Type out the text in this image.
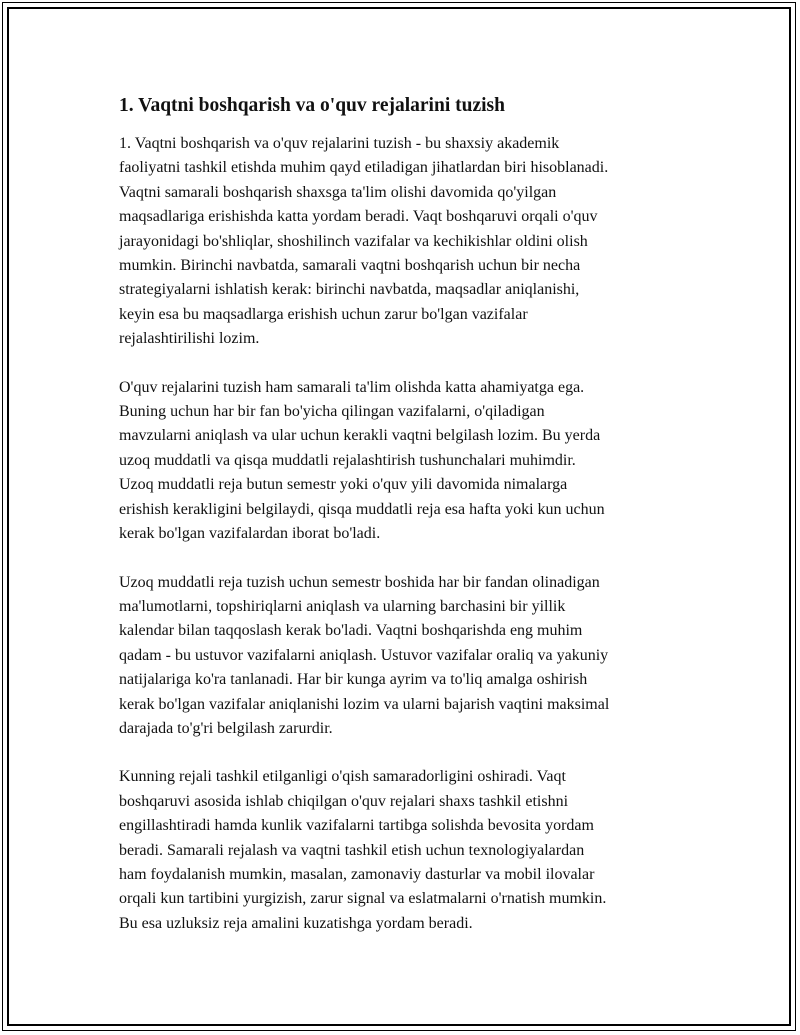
1. Vaqtni boshqarish va o'quv rejalarini tuzish

1. Vaqtni boshqarish va o'quv rejalarini tuzish - bu shaxsiy akademik
faoliyatni tashkil etishda muhim qayd etiladigan jihatlardan biri hisoblanadi.
Vaqtni samarali boshqarish shaxsga ta'lim olishi davomida qo'yilgan
maqsadlariga erishishda katta yordam beradi. Vaqt boshqaruvi orqali o'quv
jarayonidagi bo'shliqlar, shoshilinch vazifalar va kechikishlar oldini olish
mumkin. Birinchi navbatda, samarali vaqtni boshqarish uchun bir necha
strategiyalarni ishlatish kerak: birinchi navbatda, maqsadlar aniqlanishi,
keyin esa bu maqsadlarga erishish uchun zarur bo'lgan vazifalar
rejalashtirilishi lozim.

O'quv rejalarini tuzish ham samarali ta'lim olishda katta ahamiyatga ega.
Buning uchun har bir fan bo'yicha qilingan vazifalarni, o'qiladigan
mavzularni aniqlash va ular uchun kerakli vaqtni belgilash lozim. Bu yerda
uzoq muddatli va qisqa muddatli rejalashtirish tushunchalari muhimdir.
Uzoq muddatli reja butun semestr yoki o'quv yili davomida nimalarga
erishish kerakligini belgilaydi, qisqa muddatli reja esa hafta yoki kun uchun
kerak bo'lgan vazifalardan iborat bo'ladi.

Uzoq muddatli reja tuzish uchun semestr boshida har bir fandan olinadigan
ma'lumotlarni, topshiriqlarni aniqlash va ularning barchasini bir yillik
kalendar bilan taqqoslash kerak bo'ladi. Vaqtni boshqarishda eng muhim
qadam - bu ustuvor vazifalarni aniqlash. Ustuvor vazifalar oraliq va yakuniy
natijalariga ko'ra tanlanadi. Har bir kunga ayrim va to'liq amalga oshirish
kerak bo'lgan vazifalar aniqlanishi lozim va ularni bajarish vaqtini maksimal
darajada to'g'ri belgilash zarurdir.

Kunning rejali tashkil etilganligi o'qish samaradorligini oshiradi. Vaqt
boshqaruvi asosida ishlab chiqilgan o'quv rejalari shaxs tashkil etishni
engillashtiradi hamda kunlik vazifalarni tartibga solishda bevosita yordam
beradi. Samarali rejalash va vaqtni tashkil etish uchun texnologiyalardan
ham foydalanish mumkin, masalan, zamonaviy dasturlar va mobil ilovalar
orqali kun tartibini yurgizish, zarur signal va eslatmalarni o'rnatish mumkin.
Bu esa uzluksiz reja amalini kuzatishga yordam beradi.
